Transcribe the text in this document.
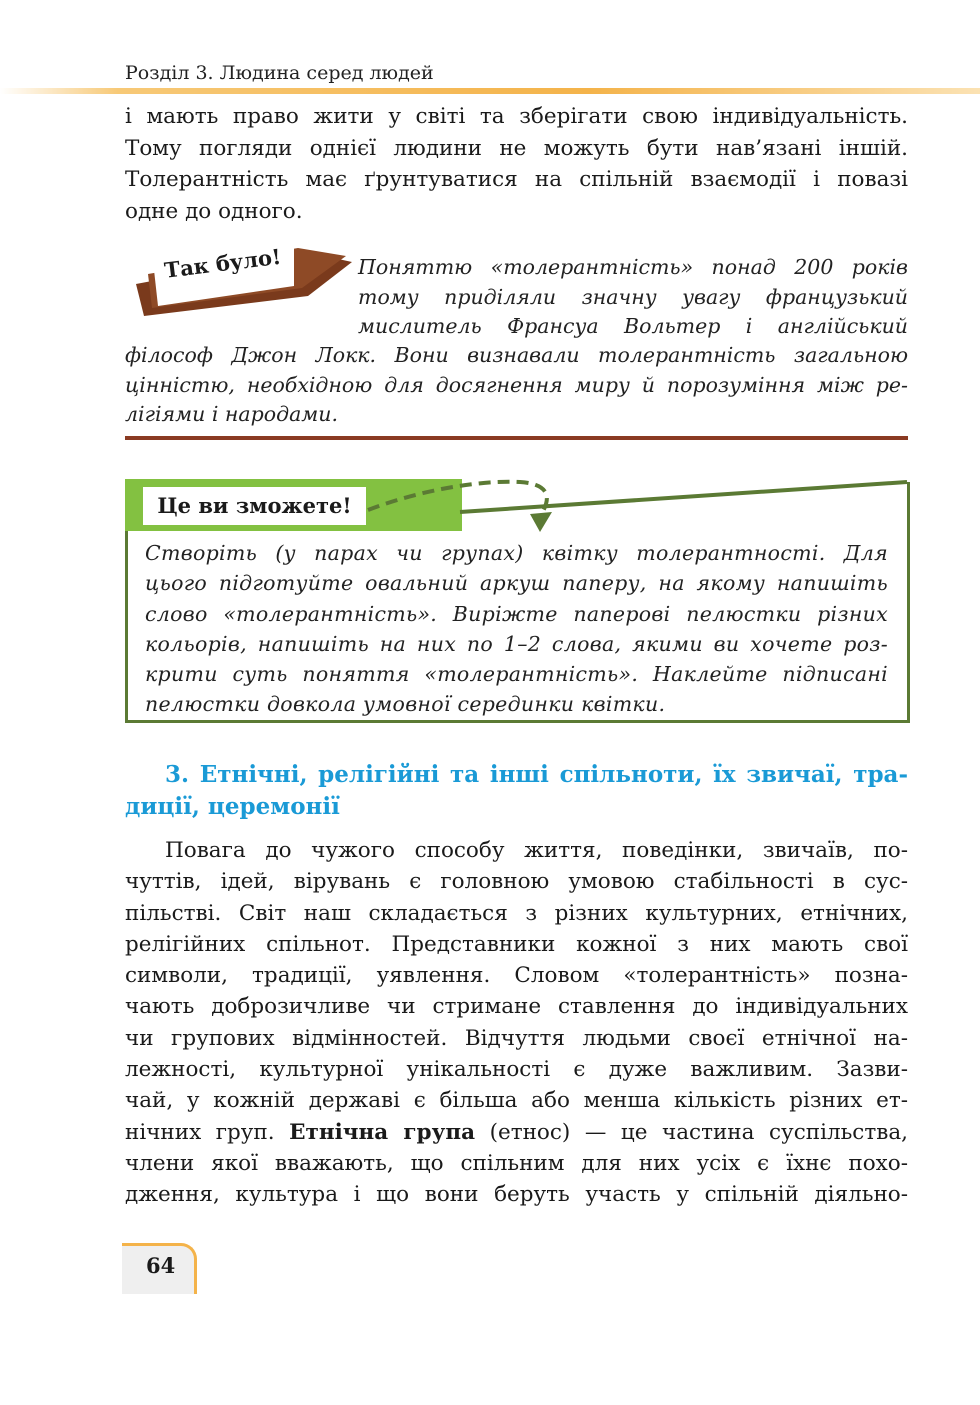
Розділ 3. Людина серед людей
і мають право жити у світі та зберігати свою індивідуальність.
Тому погляди однієї людини не можуть бути нав’язані іншій.
Толерантність має ґрунтуватися на спільній взаємодії і повазі
одне до одного.
Так було!	Поняттю «толерантність» понад 200 років
тому приділяли значну увагу французький
мислитель Франсуа Вольтер і англійський
філософ Джон Локк. Вони визнавали толерантність загальною
цінністю, необхідною для досягнення миру й порозуміння між ре-
лігіями і народами.
Це ви зможете!
Створіть (у парах чи групах) квітку толерантності. Для
цього підготуйте овальний аркуш паперу, на якому напишіть
слово «толерантність». Виріжте паперові пелюстки різних
кольорів, напишіть на них по 1–2 слова, якими ви хочете роз-
крити суть поняття «толерантність». Наклейте підписані
пелюстки довкола умовної серединки квітки.
3. Етнічні, релігійні та інші спільноти, їх звичаї, тра-
диції, церемонії
Повага до чужого способу життя, поведінки, звичаїв, по-
чуттів, ідей, вірувань є головною умовою стабільності в сус-
пільстві. Світ наш складається з різних культурних, етнічних,
релігійних спільнот. Представники кожної з них мають свої
символи, традиції, уявлення. Словом «толерантність» позна-
чають доброзичливе чи стримане ставлення до індивідуальних
чи групових відмінностей. Відчуття людьми своєї етнічної на-
лежності, культурної унікальності є дуже важливим. Зазви-
чай, у кожній державі є більша або менша кількість різних ет-
нічних груп. Етнічна група (етнос) — це частина суспільства,
члени якої вважають, що спільним для них усіх є їхнє похо-
дження, культура і що вони беруть участь у спільній діяльно-
64
